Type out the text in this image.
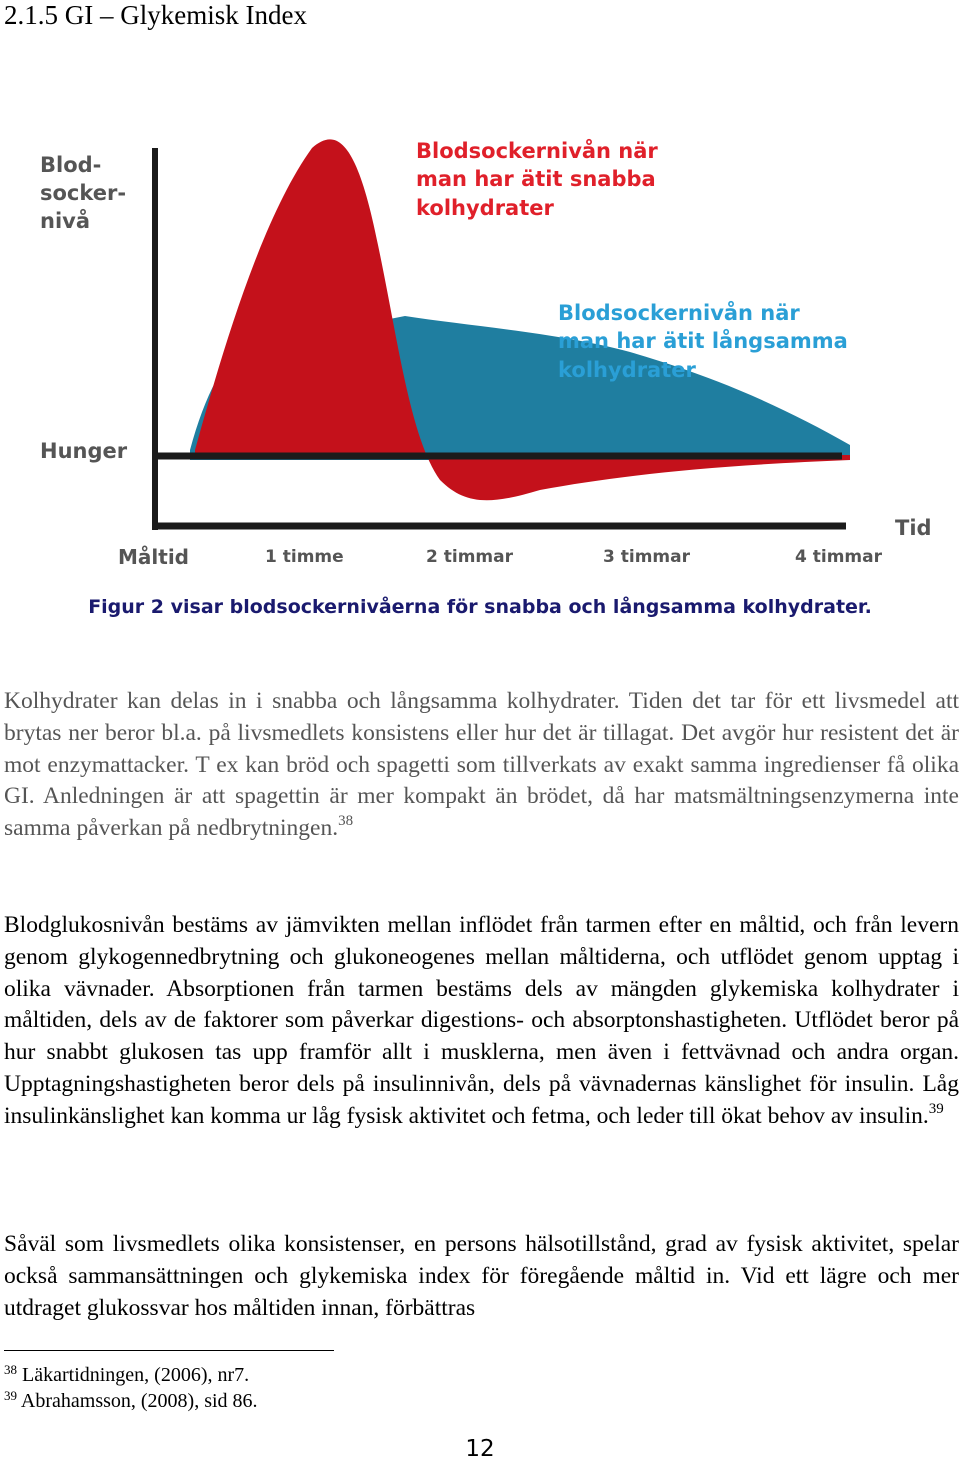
2.1.5 GI – Glykemisk Index
Blod- socker- nivå
Hunger
Tid
Måltid	1 timme	2 timmar	3 timmar	4 timmar
Blodsockernivån när man har ätit snabba kolhydrater
Blodsockernivån när man har ätit långsamma kolhydrater
Figur 2 visar blodsockernivåerna för snabba och långsamma kolhydrater.

Kolhydrater kan delas in i snabba och långsamma kolhydrater. Tiden det tar för ett livsmedel att brytas ner beror bl.a. på livsmedlets konsistens eller hur det är tillagat. Det avgör hur resistent det är mot enzymattacker. T ex kan bröd och spagetti som tillverkats av exakt samma ingredienser få olika GI. Anledningen är att spagettin är mer kompakt än brödet, då har matsmältningsenzymerna inte samma påverkan på nedbrytningen.$^{38}$

Blodglukosnivån bestäms av jämvikten mellan inflödet från tarmen efter en måltid, och från levern genom glykogennedbrytning och glukoneogenes mellan måltiderna, och utflödet genom upptag i olika vävnader. Absorptionen från tarmen bestäms dels av mängden glykemiska kolhydrater i måltiden, dels av de faktorer som påverkar digestions- och absorptonshastigheten. Utflödet beror på hur snabbt glukosen tas upp framför allt i musklerna, men även i fettvävnad och andra organ. Upptagningshastigheten beror dels på insulinnivån, dels på vävnadernas känslighet för insulin. Låg insulinkänslighet kan komma ur låg fysisk aktivitet och fetma, och leder till ökat behov av insulin.$^{39}$

Såväl som livsmedlets olika konsistenser, en persons hälsotillstånd, grad av fysisk aktivitet, spelar också sammansättningen och glykemiska index för föregående måltid in. Vid ett lägre och mer utdraget glukossvar hos måltiden innan, förbättras

$^{38}$ Läkartidningen, (2006), nr7.

$^{39}$ Abrahamsson, (2008), sid 86.

12
